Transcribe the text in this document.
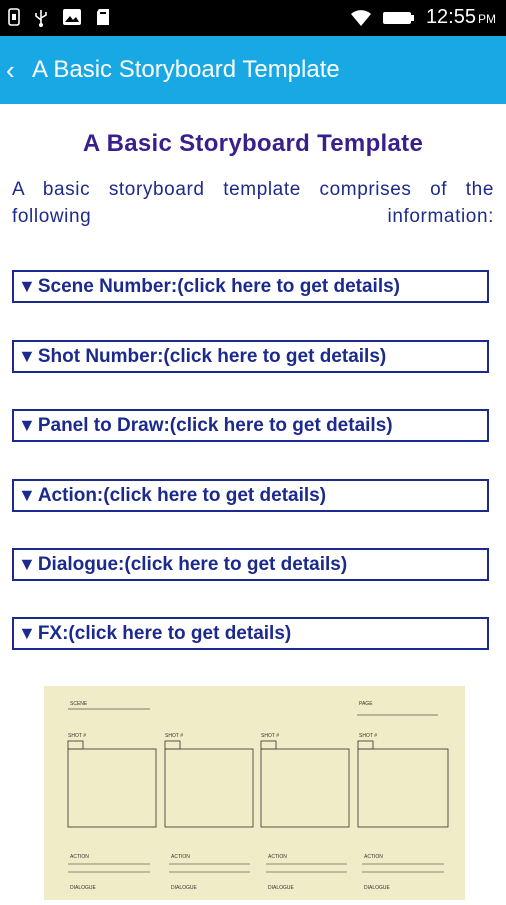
12:55 PM
‹ A Basic Storyboard Template
A Basic Storyboard Template
A basic storyboard template comprises of the following information:
▼ Scene Number:(click here to get details)
▼ Shot Number:(click here to get details)
▼ Panel to Draw:(click here to get details)
▼ Action:(click here to get details)
▼ Dialogue:(click here to get details)
▼ FX:(click here to get details)
SCENE	PAGE
SHOT #	SHOT #	SHOT #	SHOT #
ACTION	ACTION	ACTION	ACTION
DIALOGUE	DIALOGUE	DIALOGUE	DIALOGUE
